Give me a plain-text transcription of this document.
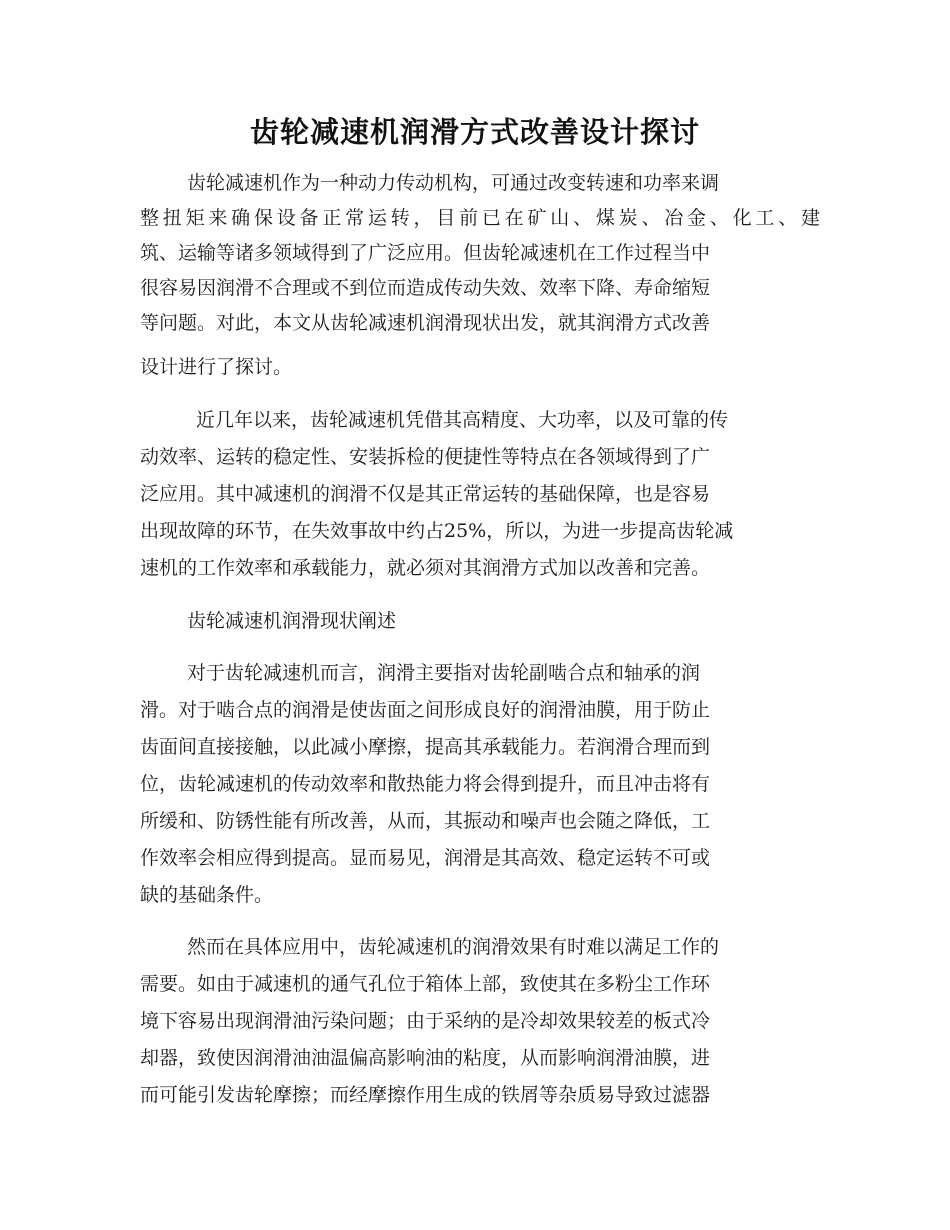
齿轮减速机润滑方式改善设计探讨
齿轮减速机作为一种动力传动机构，可通过改变转速和功率来调
整扭矩来确保设备正常运转，目前已在矿山、煤炭、冶金、化工、建
筑、运输等诸多领域得到了广泛应用。但齿轮减速机在工作过程当中
很容易因润滑不合理或不到位而造成传动失效、效率下降、寿命缩短
等问题。对此，本文从齿轮减速机润滑现状出发，就其润滑方式改善
设计进行了探讨。
近几年以来，齿轮减速机凭借其高精度、大功率，以及可靠的传
动效率、运转的稳定性、安装拆检的便捷性等特点在各领域得到了广
泛应用。其中减速机的润滑不仅是其正常运转的基础保障，也是容易
出现故障的环节，在失效事故中约占25%，所以，为进一步提高齿轮减
速机的工作效率和承载能力，就必须对其润滑方式加以改善和完善。
齿轮减速机润滑现状阐述
对于齿轮减速机而言，润滑主要指对齿轮副啮合点和轴承的润
滑。对于啮合点的润滑是使齿面之间形成良好的润滑油膜，用于防止
齿面间直接接触，以此减小摩擦，提高其承载能力。若润滑合理而到
位，齿轮减速机的传动效率和散热能力将会得到提升，而且冲击将有
所缓和、防锈性能有所改善，从而，其振动和噪声也会随之降低，工
作效率会相应得到提高。显而易见，润滑是其高效、稳定运转不可或
缺的基础条件。
然而在具体应用中，齿轮减速机的润滑效果有时难以满足工作的
需要。如由于减速机的通气孔位于箱体上部，致使其在多粉尘工作环
境下容易出现润滑油污染问题；由于采纳的是冷却效果较差的板式冷
却器，致使因润滑油油温偏高影响油的粘度，从而影响润滑油膜，进
而可能引发齿轮摩擦；而经摩擦作用生成的铁屑等杂质易导致过滤器
